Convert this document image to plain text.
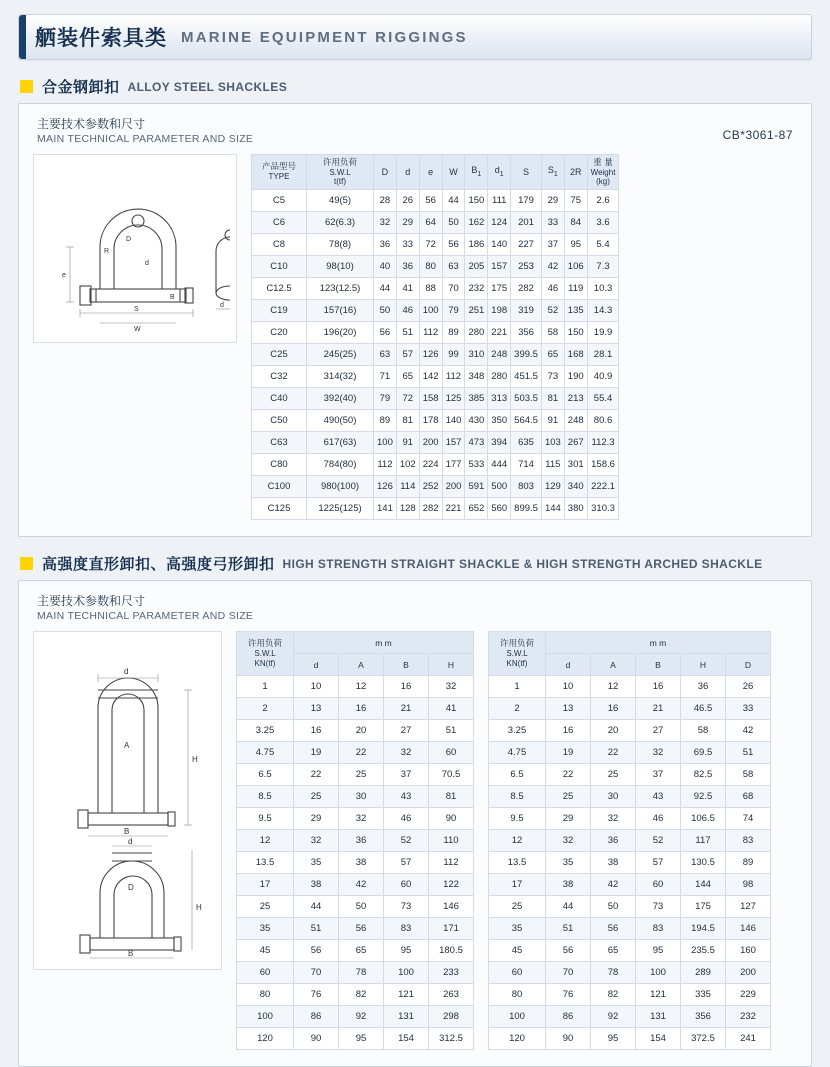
舾装件索具类 MARINE EQUIPMENT RIGGINGS
合金钢卸扣 ALLOY STEEL SHACKLES
主要技术参数和尺寸
MAIN TECHNICAL PARAMETER AND SIZE	CB*3061-87
D
d
e
S
W
R
B
d
产品型号
TYPE	许用负荷
S.W.L
t(tf)	D	d	e	W	$B_1$	$d_1$	S	$S_1$	2R	重 量
Weight
(kg)

C5	49(5)	28	26	56	44	150	111	179	29	75	2.6
C6	62(6.3)	32	29	64	50	162	124	201	33	84	3.6
C8	78(8)	36	33	72	56	186	140	227	37	95	5.4
C10	98(10)	40	36	80	63	205	157	253	42	106	7.3
C12.5	123(12.5)	44	41	88	70	232	175	282	46	119	10.3
C19	157(16)	50	46	100	79	251	198	319	52	135	14.3
C20	196(20)	56	51	112	89	280	221	356	58	150	19.9
C25	245(25)	63	57	126	99	310	248	399.5	65	168	28.1
C32	314(32)	71	65	142	112	348	280	451.5	73	190	40.9
C40	392(40)	79	72	158	125	385	313	503.5	81	213	55.4
C50	490(50)	89	81	178	140	430	350	564.5	91	248	80.6
C63	617(63)	100	91	200	157	473	394	635	103	267	112.3
C80	784(80)	112	102	224	177	533	444	714	115	301	158.6
C100	980(100)	126	114	252	200	591	500	803	129	340	222.1
C125	1225(125)	141	128	282	221	652	560	899.5	144	380	310.3
高强度直形卸扣、高强度弓形卸扣 HIGH STRENGTH STRAIGHT SHACKLE & HIGH STRENGTH ARCHED SHACKLE
主要技术参数和尺寸
MAIN TECHNICAL PARAMETER AND SIZE
d
A
H
B
d
D
H
B
许用负荷
S.W.L
KN(tf)	m m			
	d	A	B	H
1	10	12	16	32
2	13	16	21	41
3.25	16	20	27	51
4.75	19	22	32	60
6.5	22	25	37	70.5
8.5	25	30	43	81
9.5	29	32	46	90
12	32	36	52	110
13.5	35	38	57	112
17	38	42	60	122
25	44	50	73	146
35	51	56	83	171
45	56	65	95	180.5
60	70	78	100	233
80	76	82	121	263
100	86	92	131	298
120	90	95	154	312.5
许用负荷
S.W.L
KN(tf)	m m				
	d	A	B	H	D
1	10	12	16	36	26
2	13	16	21	46.5	33
3.25	16	20	27	58	42
4.75	19	22	32	69.5	51
6.5	22	25	37	82.5	58
8.5	25	30	43	92.5	68
9.5	29	32	46	106.5	74
12	32	36	52	117	83
13.5	35	38	57	130.5	89
17	38	42	60	144	98
25	44	50	73	175	127
35	51	56	83	194.5	146
45	56	65	95	235.5	160
60	70	78	100	289	200
80	76	82	121	335	229
100	86	92	131	356	232
120	90	95	154	372.5	241
